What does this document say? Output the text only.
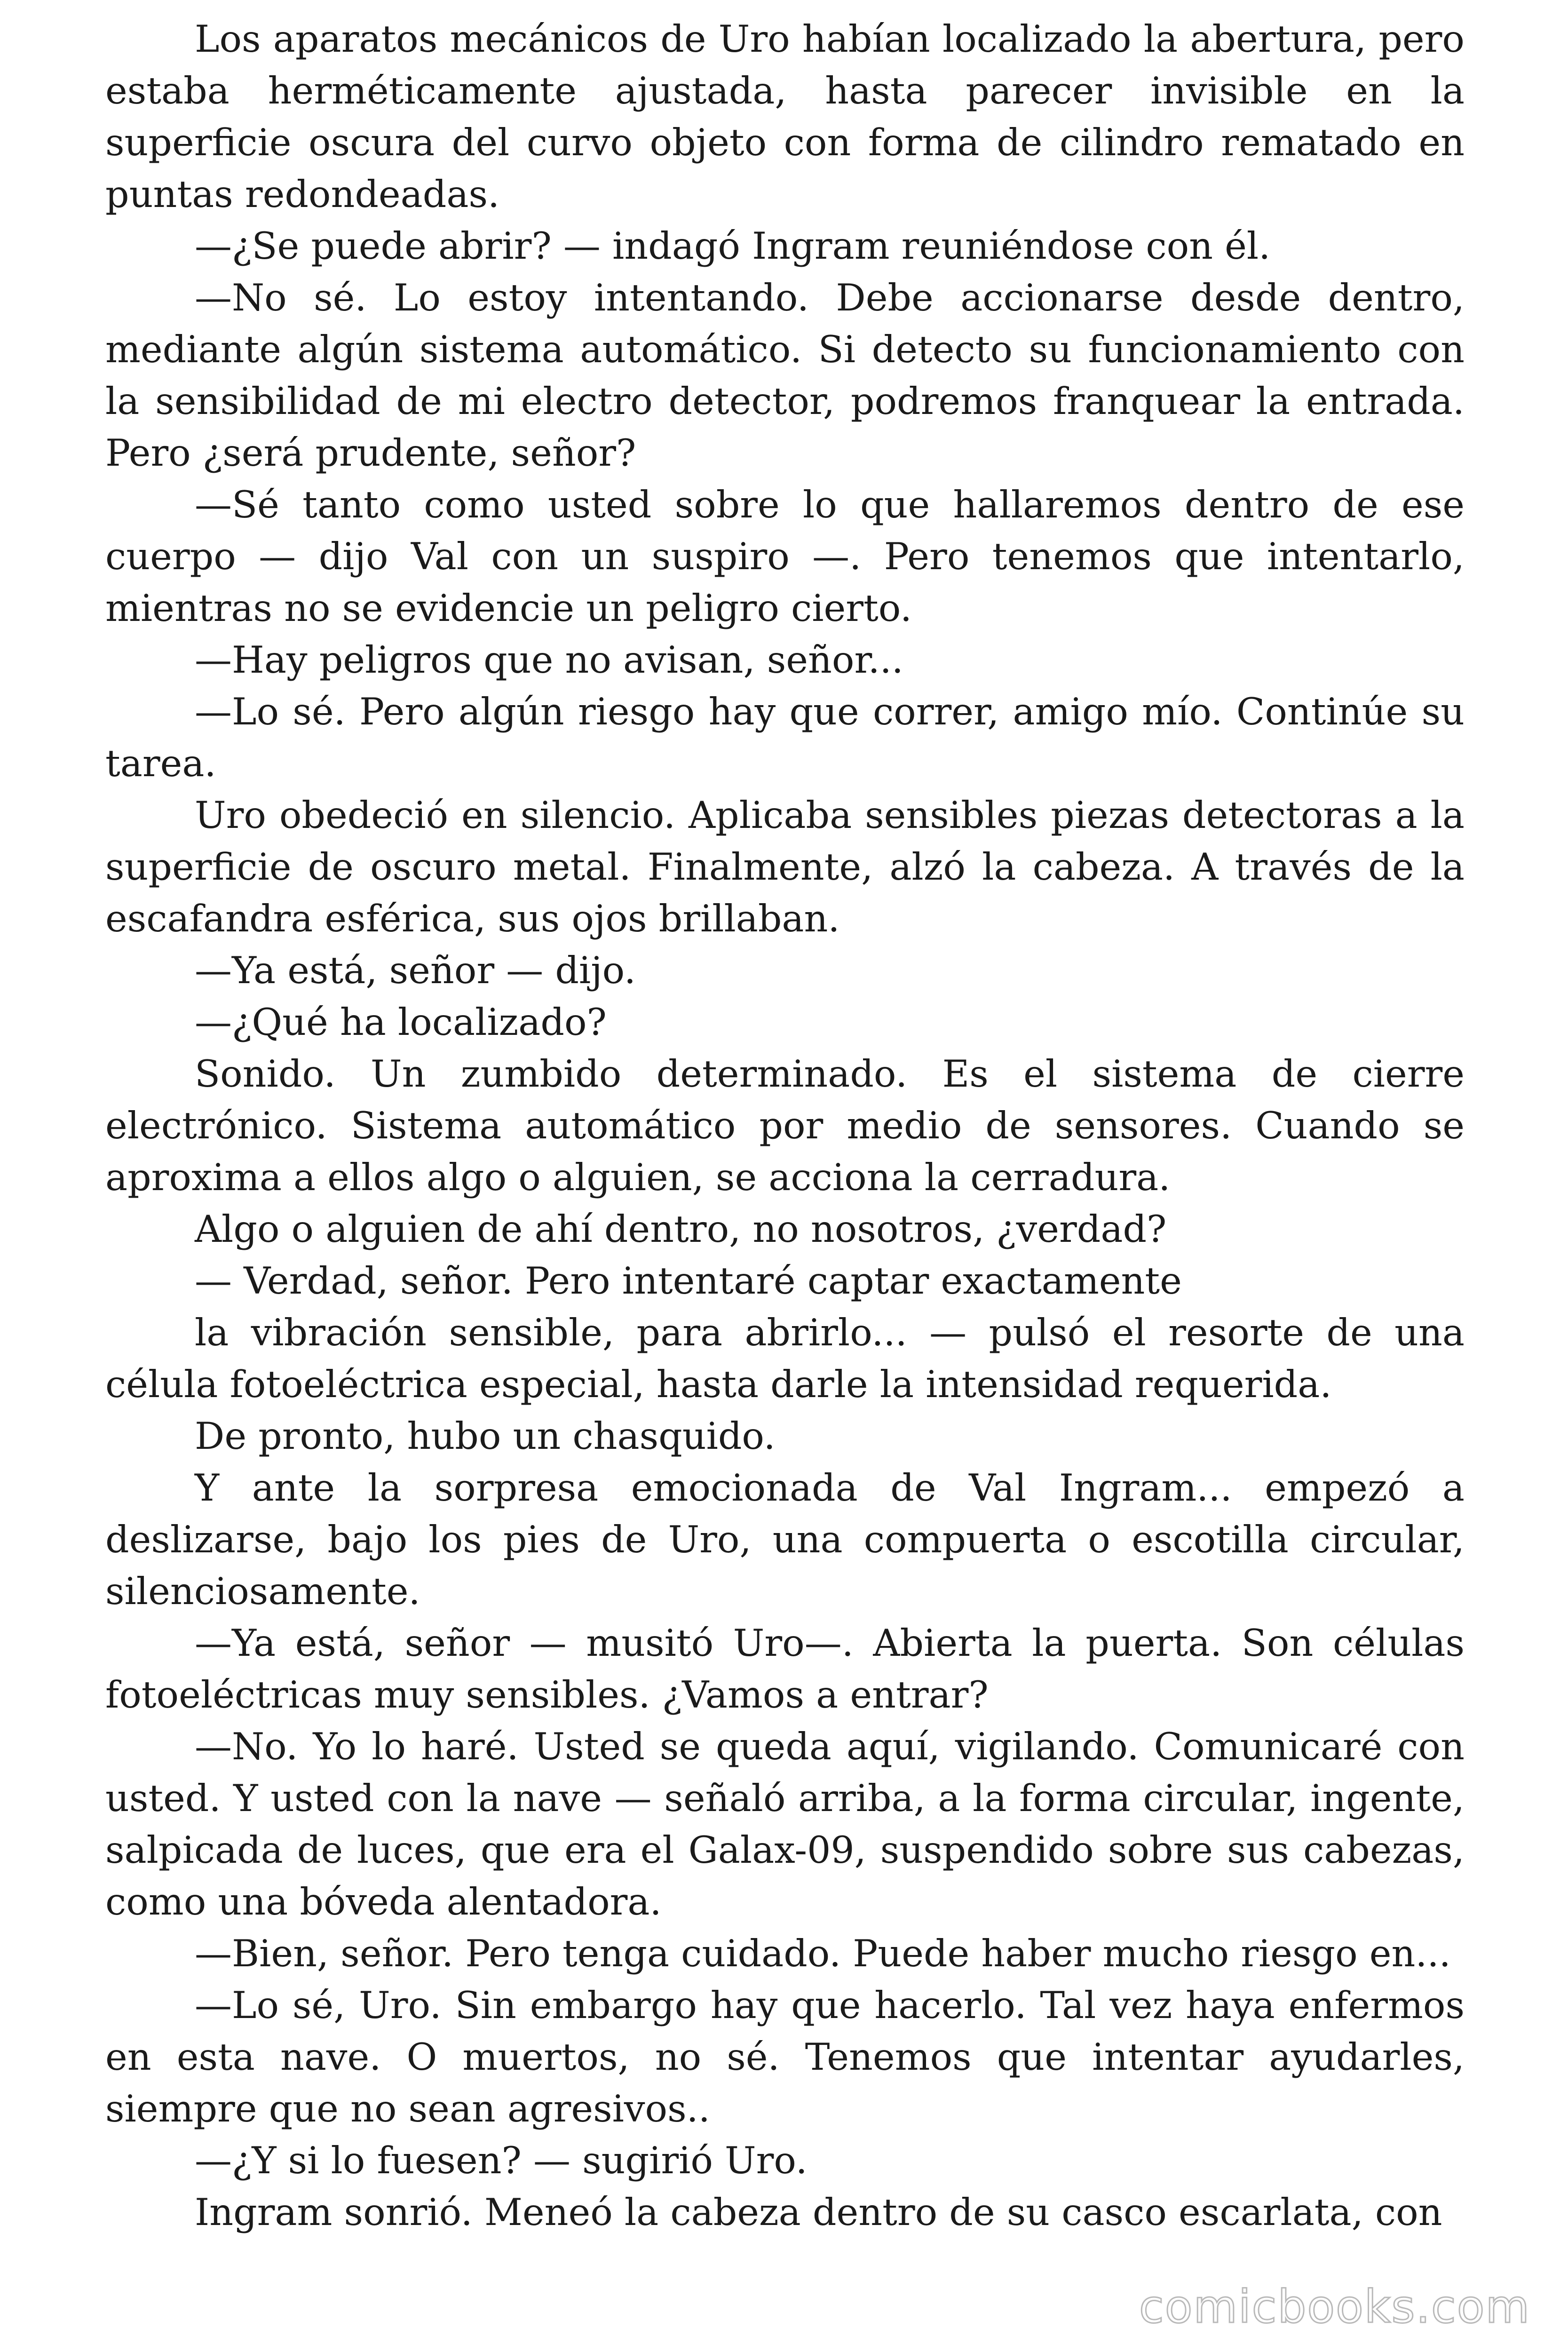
Los aparatos mecánicos de Uro habían localizado la abertura, pero estaba herméticamente ajustada, hasta parecer invisible en la superficie oscura del curvo objeto con forma de cilindro rematado en puntas redondeadas.

—¿Se puede abrir? — indagó Ingram reuniéndose con él.

—No sé. Lo estoy intentando. Debe accionarse desde dentro, mediante algún sistema automático. Si detecto su funcionamiento con la sensibilidad de mi electro detector, podremos franquear la entrada. Pero ¿será prudente, señor?

—Sé tanto como usted sobre lo que hallaremos dentro de ese cuerpo — dijo Val con un suspiro —. Pero tenemos que intentarlo, mientras no se evidencie un peligro cierto.

—Hay peligros que no avisan, señor...

—Lo sé. Pero algún riesgo hay que correr, amigo mío. Continúe su tarea.

Uro obedeció en silencio. Aplicaba sensibles piezas detectoras a la superficie de oscuro metal. Finalmente, alzó la cabeza. A través de la escafandra esférica, sus ojos brillaban.

—Ya está, señor — dijo.

—¿Qué ha localizado?

Sonido. Un zumbido determinado. Es el sistema de cierre electrónico. Sistema automático por medio de sensores. Cuando se aproxima a ellos algo o alguien, se acciona la cerradura.

Algo o alguien de ahí dentro, no nosotros, ¿verdad?

— Verdad, señor. Pero intentaré captar exactamente

la vibración sensible, para abrirlo... — pulsó el resorte de una célula fotoeléctrica especial, hasta darle la intensidad requerida.

De pronto, hubo un chasquido.

Y ante la sorpresa emocionada de Val Ingram... empezó a deslizarse, bajo los pies de Uro, una compuerta o escotilla circular, silenciosamente.

—Ya está, señor — musitó Uro—. Abierta la puerta. Son células fotoeléctricas muy sensibles. ¿Vamos a entrar?

—No. Yo lo haré. Usted se queda aquí, vigilando. Comunicaré con usted. Y usted con la nave — señaló arriba, a la forma circular, ingente, salpicada de luces, que era el Galax-09, suspendido sobre sus cabezas, como una bóveda alentadora.

—Bien, señor. Pero tenga cuidado. Puede haber mucho riesgo en...

—Lo sé, Uro. Sin embargo hay que hacerlo. Tal vez haya enfermos en esta nave. O muertos, no sé. Tenemos que intentar ayudarles, siempre que no sean agresivos..

—¿Y si lo fuesen? — sugirió Uro.

Ingram sonrió. Meneó la cabeza dentro de su casco escarlata, con

comicbooks.com
